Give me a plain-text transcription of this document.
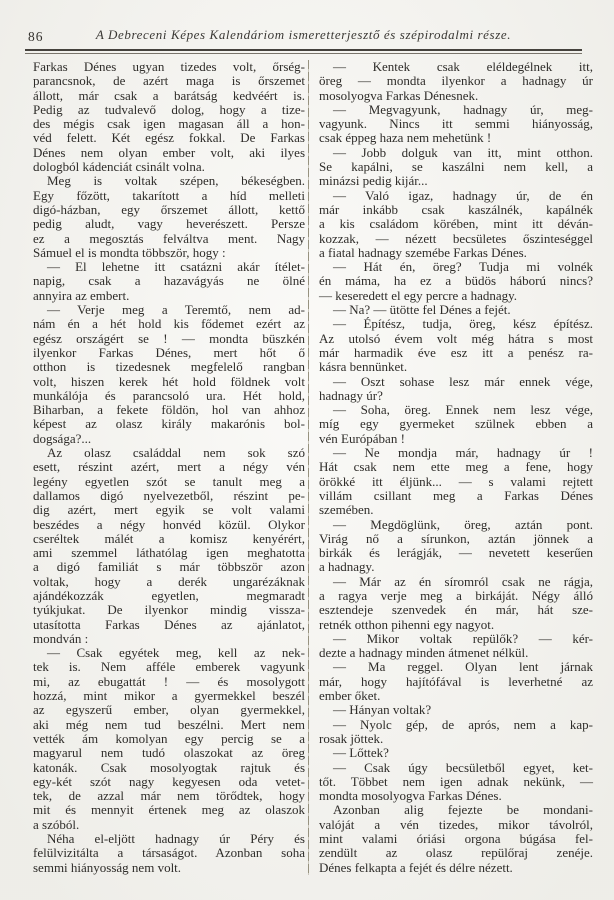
86	A Debreceni Képes Kalendáriom ismeretterjesztő és szépirodalmi része.
Farkas Dénes ugyan tizedes volt, őrség-
parancsnok, de azért maga is őrszemet
állott, már csak a barátság kedvéért is.
Pedig az tudvalevő dolog, hogy a tize-
des mégis csak igen magasan áll a hon-
véd felett. Két egész fokkal. De Farkas
Dénes nem olyan ember volt, aki ilyes
dologból kádenciát csinált volna.
Meg is voltak szépen, békeségben.
Egy főzött, takarított a híd melleti
digó-házban, egy őrszemet állott, kettő
pedig aludt, vagy heverészett. Persze
ez a megosztás felváltva ment. Nagy
Sámuel el is mondta többször, hogy :
— El lehetne itt csatázni akár ítélet-
napig, csak a hazavágyás ne ölné
annyira az embert.
— Verje meg a Teremtő, nem ad-
nám én a hét hold kis fődemet ezért az
egész országért se ! — mondta büszkén
ilyenkor Farkas Dénes, mert hőt ő
otthon is tizedesnek megfelelő rangban
volt, hiszen kerek hét hold földnek volt
munkálója és parancsoló ura. Hét hold,
Biharban, a fekete földön, hol van ahhoz
képest az olasz király makarónis bol-
dogsága?...
Az olasz családdal nem sok szó
esett, részint azért, mert a négy vén
legény egyetlen szót se tanult meg a
dallamos digó nyelvezetből, részint pe-
dig azért, mert egyik se volt valami
beszédes a négy honvéd közül. Olykor
cseréltek málét a komisz kenyérért,
ami szemmel láthatólag igen meghatotta
a digó familiát s már többször azon
voltak, hogy a derék ungarézáknak
ajándékozzák egyetlen, megmaradt
tyúkjukat. De ilyenkor mindig vissza-
utasította Farkas Dénes az ajánlatot,
mondván :
— Csak egyétek meg, kell az nek-
tek is. Nem afféle emberek vagyunk
mi, az ebugattát ! — és mosolygott
hozzá, mint mikor a gyermekkel beszél
az egyszerű ember, olyan gyermekkel,
aki még nem tud beszélni. Mert nem
vették ám komolyan egy percig se a
magyarul nem tudó olaszokat az öreg
katonák. Csak mosolyogtak rajtuk és
egy-két szót nagy kegyesen oda vetet-
tek, de azzal már nem törődtek, hogy
mit és mennyit értenek meg az olaszok
a szóból.
Néha el-eljött hadnagy úr Péry és
felülvizitálta a társaságot. Azonban soha
semmi hiányosság nem volt.
— Kentek csak eléldegélnek itt,
öreg — mondta ilyenkor a hadnagy úr
mosolyogva Farkas Dénesnek.
— Megvagyunk, hadnagy úr, meg-
vagyunk. Nincs itt semmi hiányosság,
csak éppeg haza nem mehetünk !
— Jobb dolguk van itt, mint otthon.
Se kapálni, se kaszálni nem kell, a
minázsi pedig kijár...
— Való igaz, hadnagy úr, de én
már inkább csak kaszálnék, kapálnék
a kis családom körében, mint itt déván-
kozzak, — nézett becsületes őszinteséggel
a fiatal hadnagy szemébe Farkas Dénes.
— Hát én, öreg? Tudja mi volnék
én máma, ha ez a büdös háború nincs?
— keseredett el egy percre a hadnagy.
— Na? — ütötte fel Dénes a fejét.
— Építész, tudja, öreg, kész építész.
Az utolsó évem volt még hátra s most
már harmadik éve esz itt a penész ra-
kásra bennünket.
— Oszt sohase lesz már ennek vége,
hadnagy úr?
— Soha, öreg. Ennek nem lesz vége,
míg egy gyermeket szülnek ebben a
vén Európában !
— Ne mondja már, hadnagy úr !
Hát csak nem ette meg a fene, hogy
örökké itt éljünk... — s valami rejtett
villám csillant meg a Farkas Dénes
szemében.
— Megdöglünk, öreg, aztán pont.
Virág nő a sírunkon, aztán jönnek a
birkák és lerágják, — nevetett keserűen
a hadnagy.
— Már az én síromról csak ne rágja,
a ragya verje meg a birkáját. Négy álló
esztendeje szenvedek én már, hát sze-
retnék otthon pihenni egy nagyot.
— Mikor voltak repülők? — kér-
dezte a hadnagy minden átmenet nélkül.
— Ma reggel. Olyan lent járnak
már, hogy hajítófával is leverhetné az
ember őket.
— Hányan voltak?
— Nyolc gép, de aprós, nem a kap-
rosak jöttek.
— Lőttek?
— Csak úgy becsületből egyet, ket-
tőt. Többet nem igen adnak nekünk, —
mondta mosolyogva Farkas Dénes.
Azonban alig fejezte be mondani-
valóját a vén tizedes, mikor távolról,
mint valami óriási orgona búgása fel-
zendült az olasz repülőraj zenéje.
Dénes felkapta a fejét és délre nézett.
